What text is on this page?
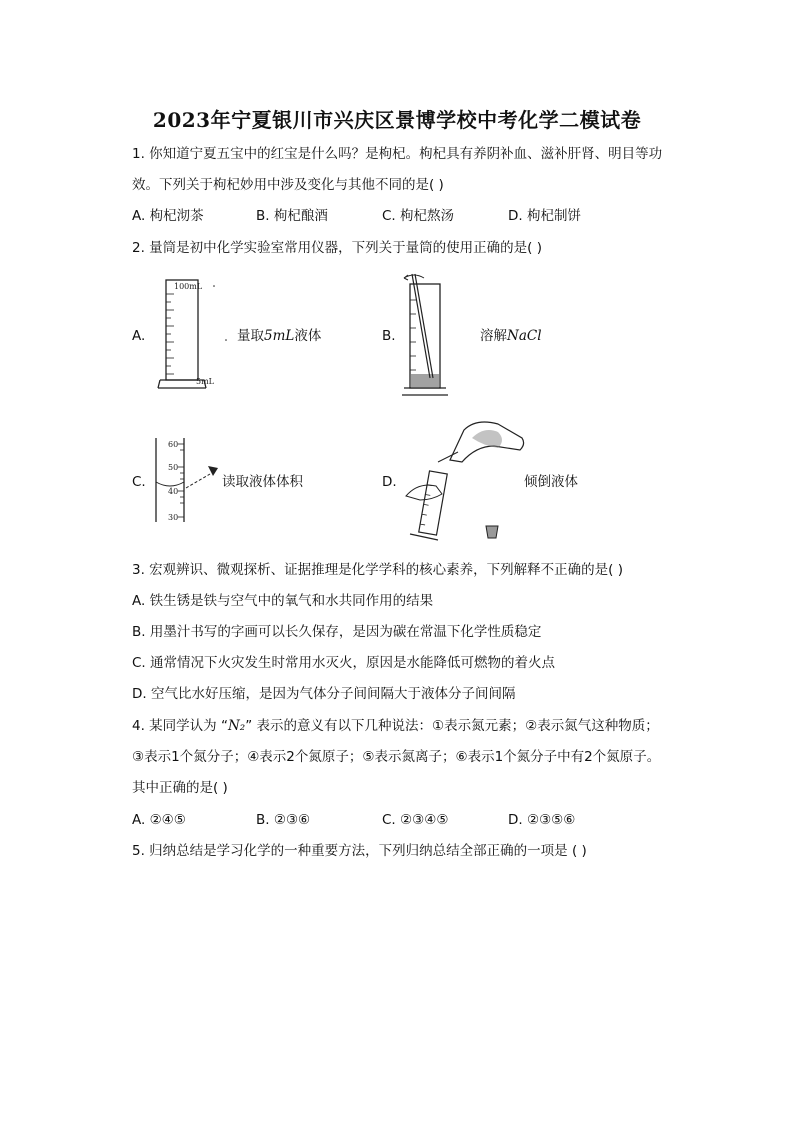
2023年宁夏银川市兴庆区景博学校中考化学二模试卷
1. 你知道宁夏五宝中的红宝是什么吗？是枸杞。枸杞具有养阴补血、滋补肝肾、明目等功
效。下列关于枸杞妙用中涉及变化与其他不同的是( )
A. 枸杞沏茶	B. 枸杞酿酒	C. 枸杞熬汤	D. 枸杞制饼
2. 量筒是初中化学实验室常用仪器，下列关于量筒的使用正确的是( )
A.
100mL
5mL
量取5mL液体	B.	溶解NaCl
C.
60
50
40
30
读取液体体积	D.	倾倒液体
3. 宏观辨识、微观探析、证据推理是化学学科的核心素养，下列解释不正确的是( )
A. 铁生锈是铁与空气中的氧气和水共同作用的结果
B. 用墨汁书写的字画可以长久保存，是因为碳在常温下化学性质稳定
C. 通常情况下火灾发生时常用水灭火，原因是水能降低可燃物的着火点
D. 空气比水好压缩，是因为气体分子间间隔大于液体分子间间隔
4. 某同学认为 “N₂” 表示的意义有以下几种说法：①表示氮元素；②表示氮气这种物质；
③表示1个氮分子；④表示2个氮原子；⑤表示氮离子；⑥表示1个氮分子中有2个氮原子。
其中正确的是( )
A. ②④⑤	B. ②③⑥	C. ②③④⑤	D. ②③⑤⑥
5. 归纳总结是学习化学的一种重要方法，下列归纳总结全部正确的一项是 ( )
